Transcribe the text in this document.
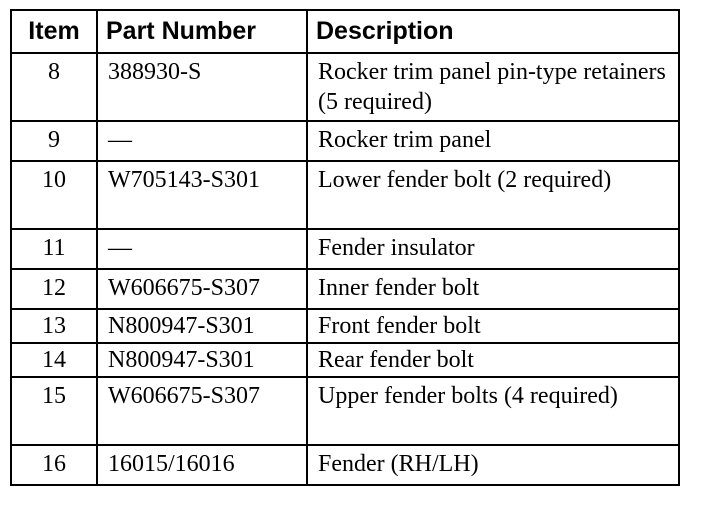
Item	Part Number	Description
8	388930-S	Rocker trim panel pin-type retainers (5 required)
9	—	Rocker trim panel
10	W705143-S301	Lower fender bolt (2 required)
11	—	Fender insulator
12	W606675-S307	Inner fender bolt
13	N800947-S301	Front fender bolt
14	N800947-S301	Rear fender bolt
15	W606675-S307	Upper fender bolts (4 required)
16	16015/16016	Fender (RH/LH)
